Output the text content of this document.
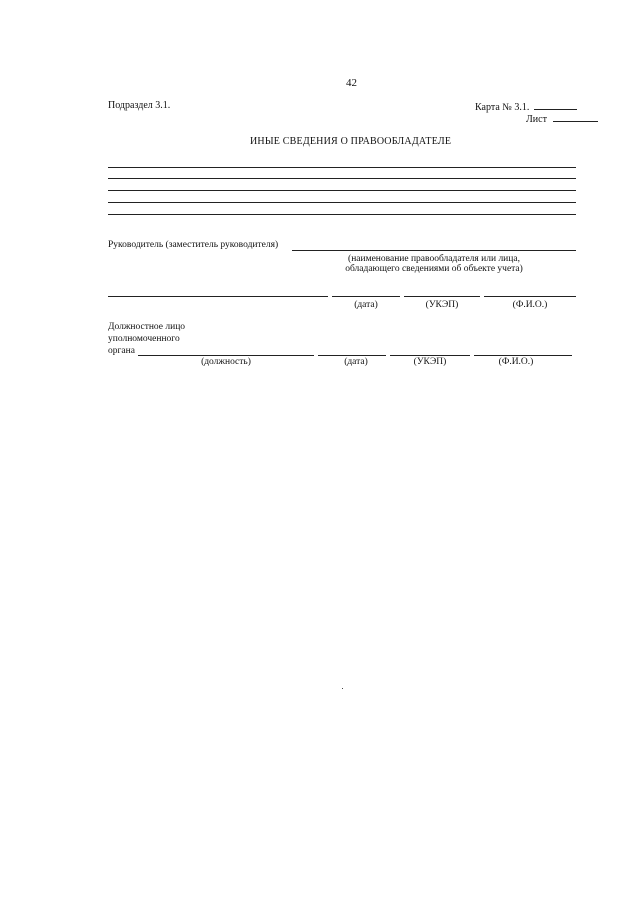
42
Подраздел 3.1.	Карта № 3.1.
Лист
ИНЫЕ СВЕДЕНИЯ О ПРАВООБЛАДАТЕЛЕ
Руководитель (заместитель руководителя)
(наименование правообладателя или лица,
обладающего сведениями об объекте учета)
(дата)	(УКЭП)	(Ф.И.О.)
Должностное лицо
уполномоченного
органа
(должность)	(дата)	(УКЭП)	(Ф.И.О.)
